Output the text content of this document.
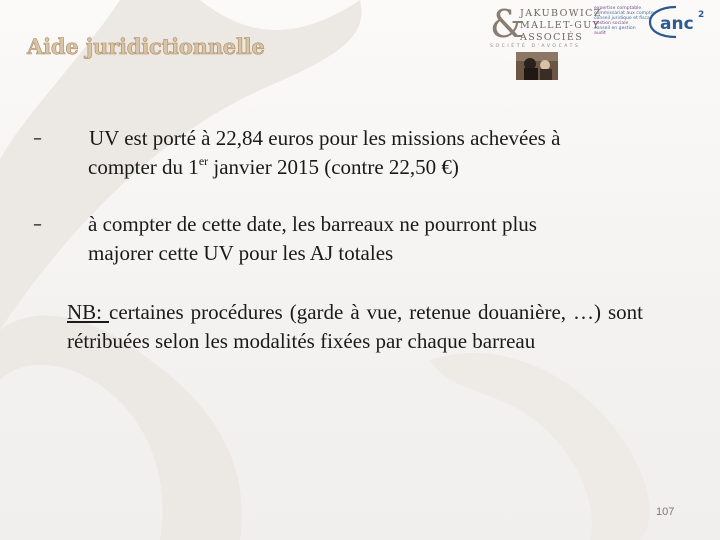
Aide juridictionnelle
&
JAKUBOWICZ
MALLET-GUY
ASSOCIÉS
SOCIÉTÉ D'AVOCATS
expertise comptable
commissariat aux comptes
conseil juridique et fiscal
gestion sociale
conseil en gestion
audit	anc 2
–	UV est porté à 22,84 euros pour les missions achevées à
compter du 1er janvier 2015 (contre 22,50 €)
–	à compter de cette date, les barreaux ne pourront plus
majorer cette UV pour les AJ totales
NB: certaines procédures (garde à vue, retenue douanière, …) sont rétribuées selon les modalités fixées par chaque barreau
107
